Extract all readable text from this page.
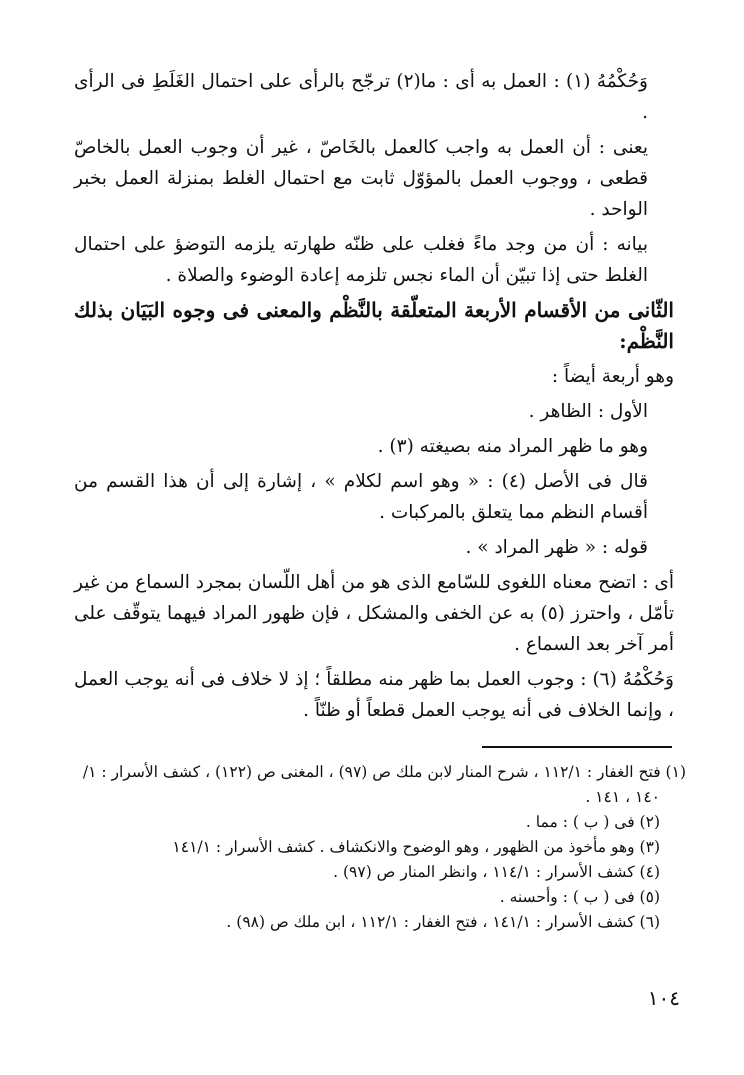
وَحُكْمُهُ (١) : العمل به أى : ما(٢) ترجّح بالرأى على احتمال الغَلَطِ فى الرأى .

يعنى : أن العمل به واجب كالعمل بالخَاصّ ، غير أن وجوب العمل بالخاصّ قطعى ، ووجوب العمل بالمؤوّل ثابت مع احتمال الغلط بمنزلة العمل بخبر الواحد .

بيانه : أن من وجد ماءً فغلب على ظنّه طهارته يلزمه التوضؤ على احتمال الغلط حتى إذا تبيّن أن الماء نجس تلزمه إعادة الوضوء والصلاة .

الثّانى من الأقسام الأربعة المتعلّقة بالنَّظْم والمعنى فى وجوه البَيَان بذلك النَّظْم:

وهو أربعة أيضاً :

الأول : الظاهر .

وهو ما ظهر المراد منه بصيغته (٣) .

قال فى الأصل (٤) : « وهو اسم لكلام » ، إشارة إلى أن هذا القسم من أقسام النظم مما يتعلق بالمركبات .

قوله : « ظهر المراد » .

أى : اتضح معناه اللغوى للسّامع الذى هو من أهل اللّسان بمجرد السماع من غير تأمّل ، واحترز (٥) به عن الخفى والمشكل ، فإن ظهور المراد فيهما يتوقّف على أمر آخر بعد السماع .

وَحُكْمُهُ (٦) : وجوب العمل بما ظهر منه مطلقاً ؛ إذ لا خلاف فى أنه يوجب العمل ، وإنما الخلاف فى أنه يوجب العمل قطعاً أو ظنّاً .

(١) فتح الغفار : ١١٢/١ ، شرح المنار لابن ملك ص (٩٧) ، المغنى ص (١٢٢) ، كشف الأسرار : ١/ ١٤٠ ، ١٤١ .

(٢) فى ( ب ) : مما .

(٣) وهو مأخوذ من الظهور ، وهو الوضوح والانكشاف . كشف الأسرار : ١٤١/١

(٤) كشف الأسرار : ١١٤/١ ، وانظر المنار ص (٩٧) .

(٥) فى ( ب ) : وأحسنه .

(٦) كشف الأسرار : ١٤١/١ ، فتح الغفار : ١١٢/١ ، ابن ملك ص (٩٨) .

١٠٤
